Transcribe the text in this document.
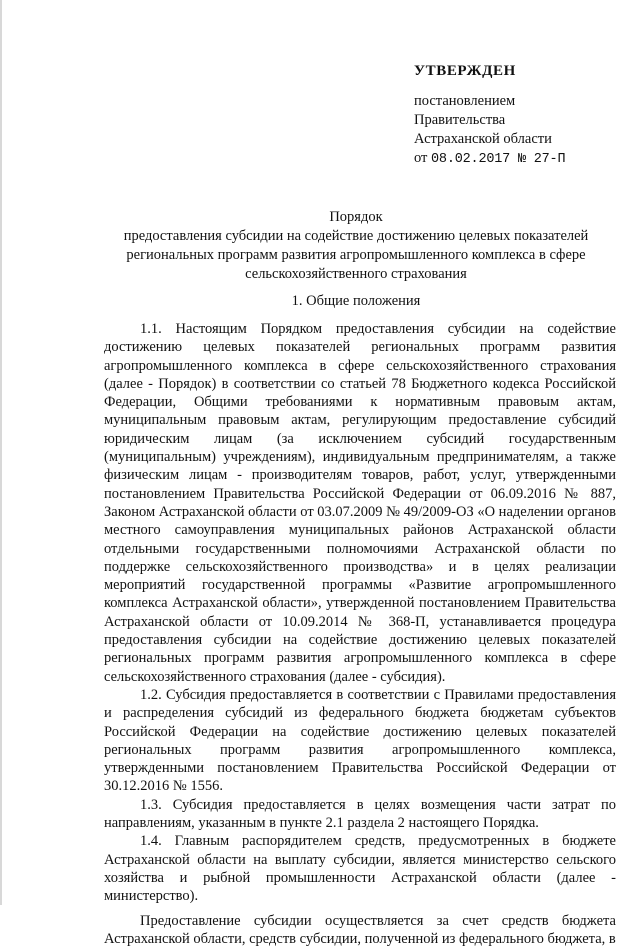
УТВЕРЖДЕН
постановлением
Правительства
Астраханской области
от 08.02.2017 № 27-П
Порядок
предоставления субсидии на содействие достижению целевых показателей региональных программ развития агропромышленного комплекса в сфере сельскохозяйственного страхования
1. Общие положения

1.1. Настоящим Порядком предоставления субсидии на содействие достижению целевых показателей региональных программ развития агропромышленного комплекса в сфере сельскохозяйственного страхования (далее - Порядок) в соответствии со статьей 78 Бюджетного кодекса Российской Федерации, Общими требованиями к нормативным правовым актам, муниципальным правовым актам, регулирующим предоставление субсидий юридическим лицам (за исключением субсидий государственным (муниципальным) учреждениям), индивидуальным предпринимателям, а также физическим лицам - производителям товаров, работ, услуг, утвержденными постановлением Правительства Российской Федерации от 06.09.2016 № 887, Законом Астраханской области от 03.07.2009 № 49/2009-ОЗ «О наделении органов местного самоуправления муниципальных районов Астраханской области отдельными государственными полномочиями Астраханской области по поддержке сельскохозяйственного производства» и в целях реализации мероприятий государственной программы «Развитие агропромышленного комплекса Астраханской области», утвержденной постановлением Правительства Астраханской области от 10.09.2014 № 368-П, устанавливается процедура предоставления субсидии на содействие достижению целевых показателей региональных программ развития агропромышленного комплекса в сфере сельскохозяйственного страхования (далее - субсидия).

1.2. Субсидия предоставляется в соответствии с Правилами предоставления и распределения субсидий из федерального бюджета бюджетам субъектов Российской Федерации на содействие достижению целевых показателей региональных программ развития агропромышленного комплекса, утвержденными постановлением Правительства Российской Федерации от 30.12.2016 № 1556.

1.3. Субсидия предоставляется в целях возмещения части затрат по направлениям, указанным в пункте 2.1 раздела 2 настоящего Порядка.

1.4. Главным распорядителем средств, предусмотренных в бюджете Астраханской области на выплату субсидии, является министерство сельского хозяйства и рыбной промышленности Астраханской области (далее - министерство).

Предоставление субсидии осуществляется за счет средств бюджета Астраханской области, средств субсидии, полученной из федерального бюджета, в
